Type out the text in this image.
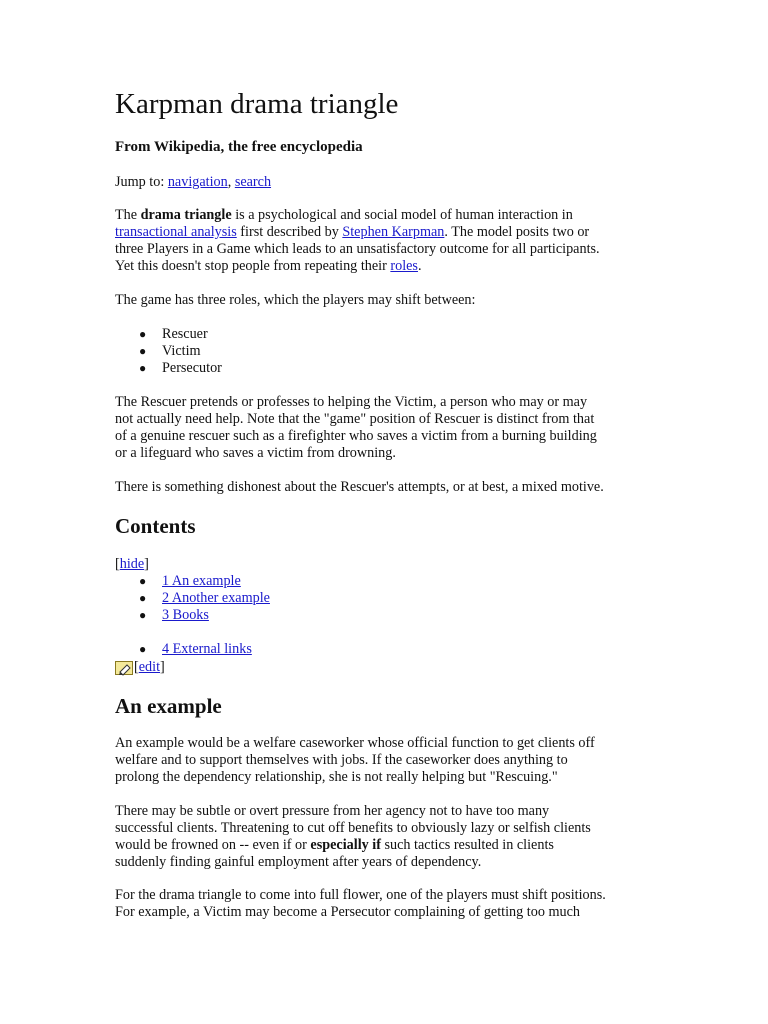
Karpman drama triangle
From Wikipedia, the free encyclopedia
Jump to: navigation, search

The drama triangle is a psychological and social model of human interaction in
transactional analysis first described by Stephen Karpman. The model posits two or
three Players in a Game which leads to an unsatisfactory outcome for all participants.
Yet this doesn't stop people from repeating their roles.

The game has three roles, which the players may shift between:

● Rescuer
● Victim
● Persecutor

The Rescuer pretends or professes to helping the Victim, a person who may or may
not actually need help. Note that the "game" position of Rescuer is distinct from that
of a genuine rescuer such as a firefighter who saves a victim from a burning building
or a lifeguard who saves a victim from drowning.

There is something dishonest about the Rescuer's attempts, or at best, a mixed motive.

Contents
[hide]
● 1 An example
● 2 Another example
● 3 Books
● 4 External links
[ edit ]
An example

An example would be a welfare caseworker whose official function to get clients off
welfare and to support themselves with jobs. If the caseworker does anything to
prolong the dependency relationship, she is not really helping but "Rescuing."

There may be subtle or overt pressure from her agency not to have too many
successful clients. Threatening to cut off benefits to obviously lazy or selfish clients
would be frowned on -- even if or especially if such tactics resulted in clients
suddenly finding gainful employment after years of dependency.

For the drama triangle to come into full flower, one of the players must shift positions.
For example, a Victim may become a Persecutor complaining of getting too much
